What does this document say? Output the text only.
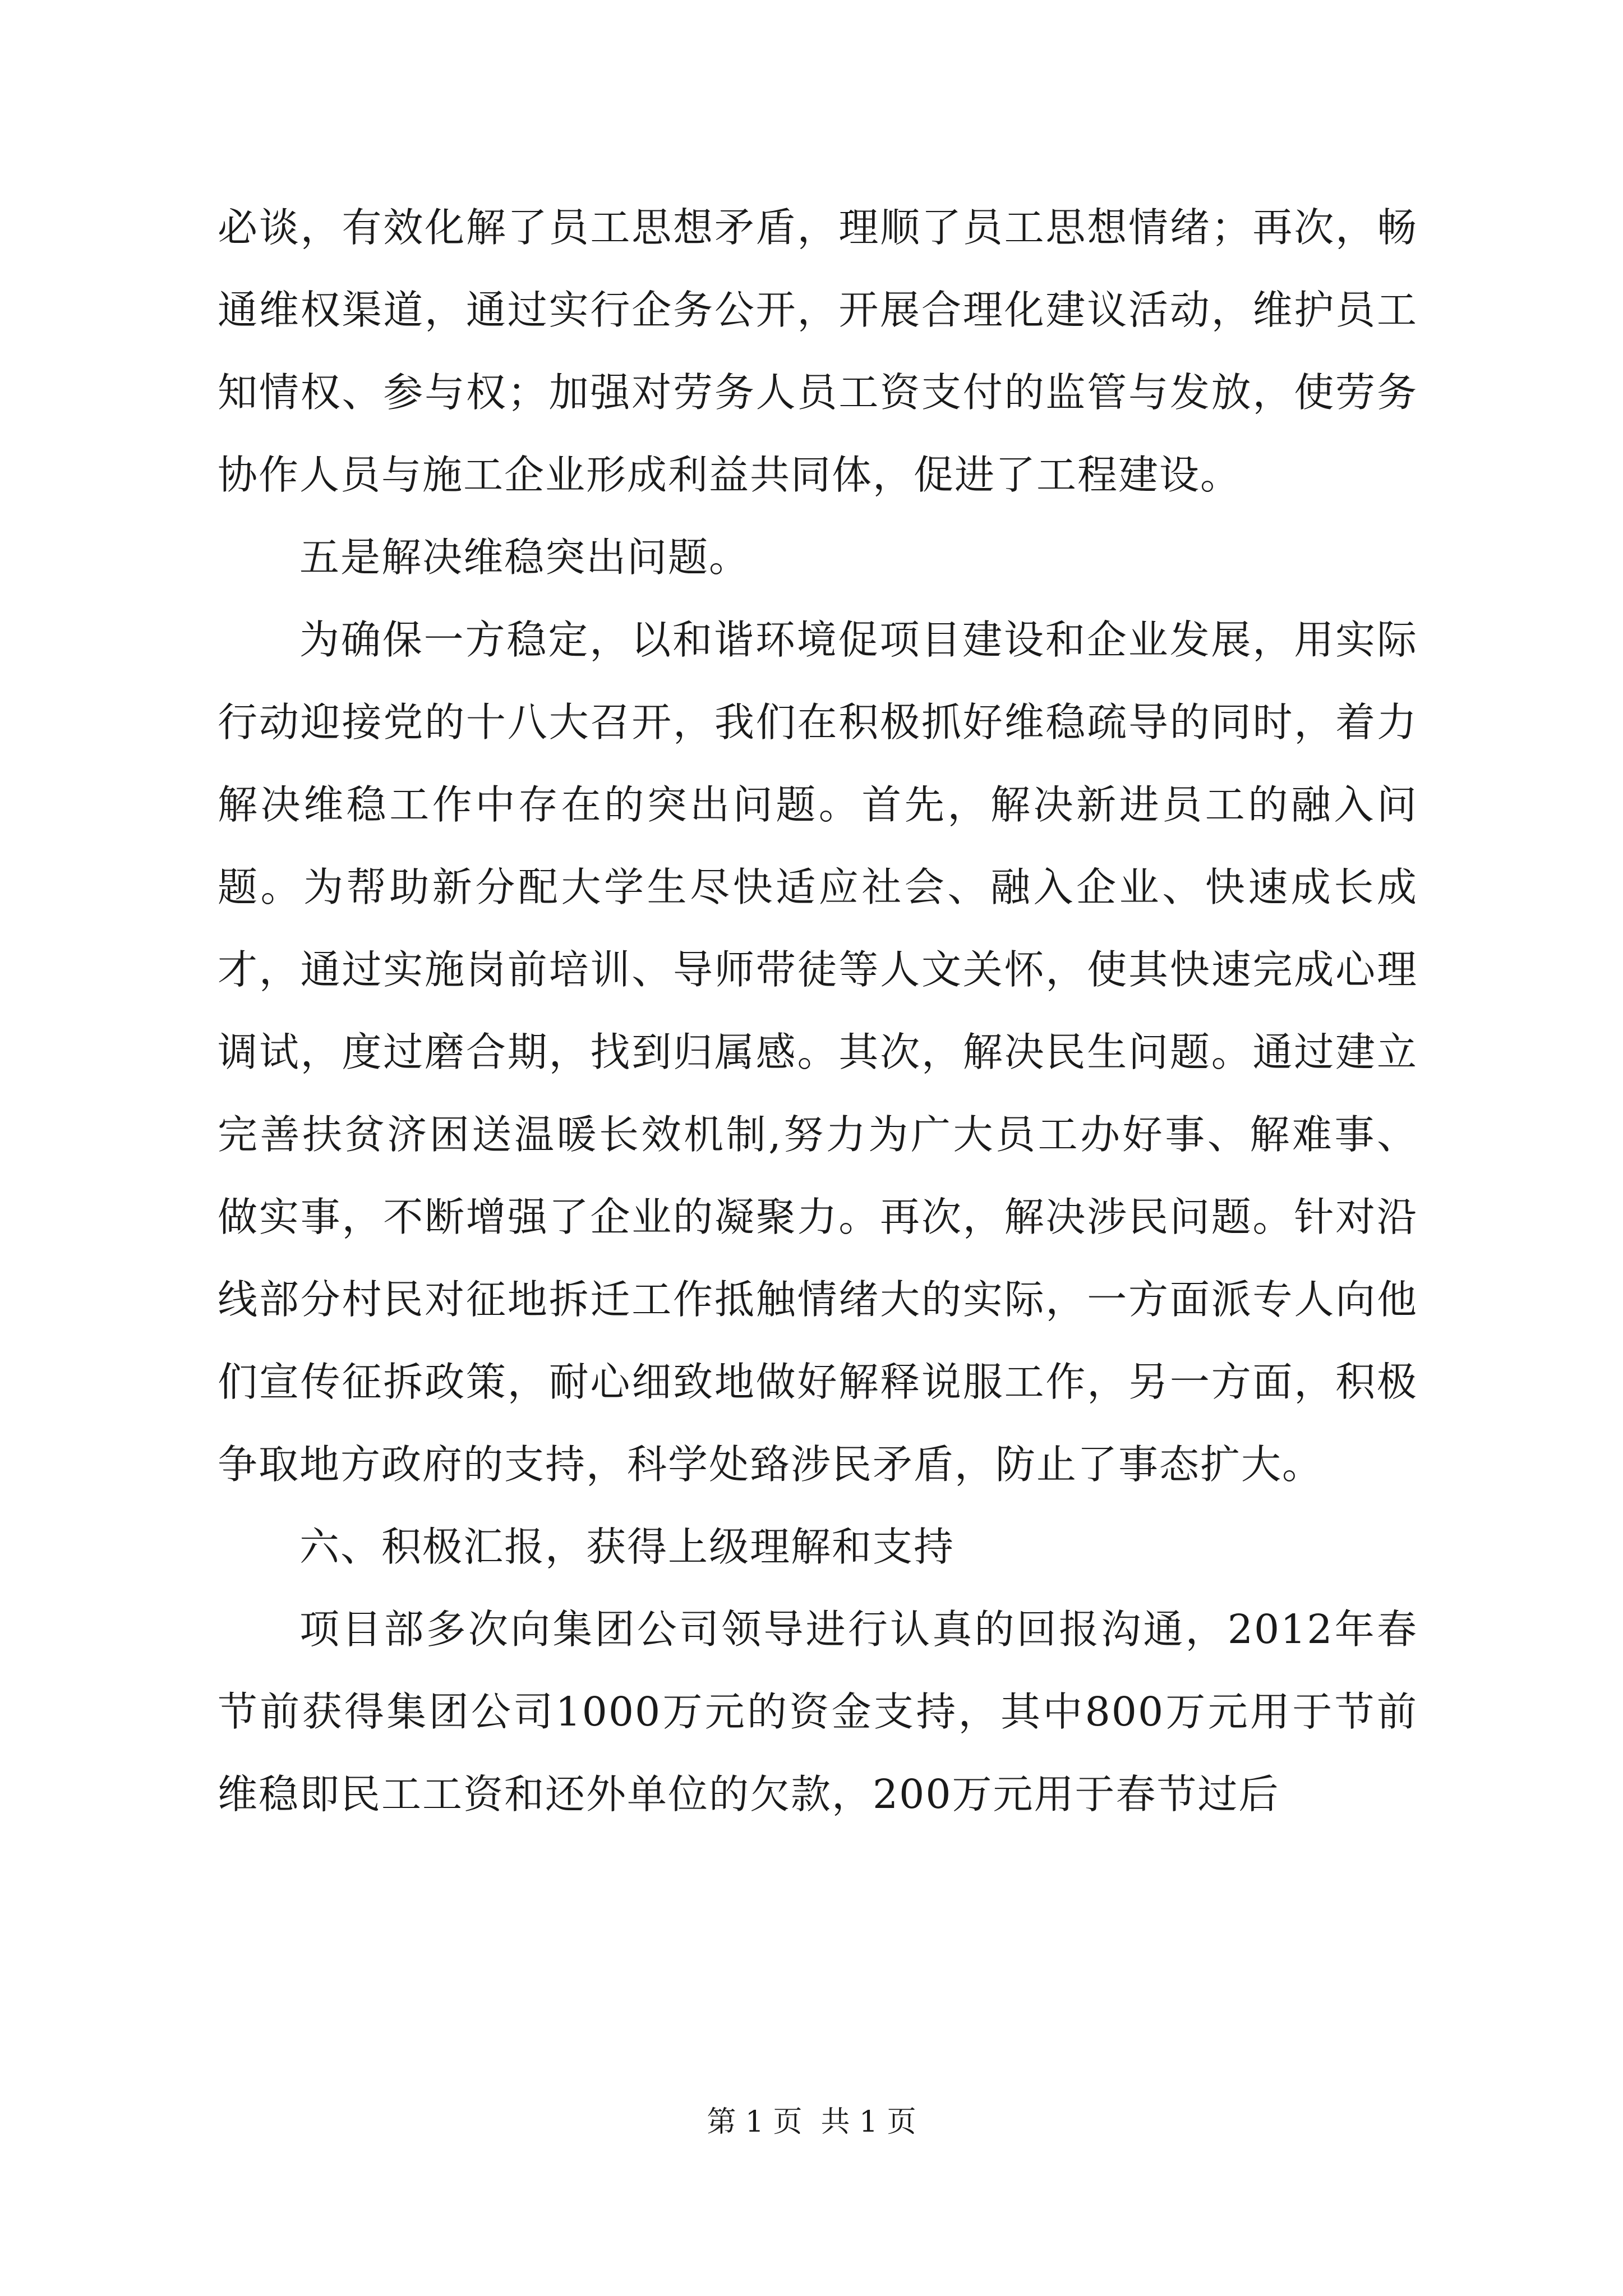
必谈，有效化解了员工思想矛盾，理顺了员工思想情绪；再次，畅通维权渠道，通过实行企务公开，开展合理化建议活动，维护员工知情权、参与权；加强对劳务人员工资支付的监管与发放，使劳务协作人员与施工企业形成利益共同体，促进了工程建设。

五是解决维稳突出问题。

为确保一方稳定，以和谐环境促项目建设和企业发展，用实际行动迎接党的十八大召开，我们在积极抓好维稳疏导的同时，着力解决维稳工作中存在的突出问题。首先，解决新进员工的融入问题。为帮助新分配大学生尽快适应社会、融入企业、快速成长成才，通过实施岗前培训、导师带徒等人文关怀，使其快速完成心理调试，度过磨合期，找到归属感。其次，解决民生问题。通过建立完善扶贫济困送温暖长效机制,努力为广大员工办好事、解难事、做实事，不断增强了企业的凝聚力。再次，解决涉民问题。针对沿线部分村民对征地拆迁工作抵触情绪大的实际，一方面派专人向他们宣传征拆政策，耐心细致地做好解释说服工作，另一方面，积极争取地方政府的支持，科学处臵涉民矛盾，防止了事态扩大。

六、积极汇报，获得上级理解和支持

项目部多次向集团公司领导进行认真的回报沟通，2012年春节前获得集团公司1000万元的资金支持，其中800万元用于节前维稳即民工工资和还外单位的欠款，200万元用于春节过后

第 1 页  共 1 页
